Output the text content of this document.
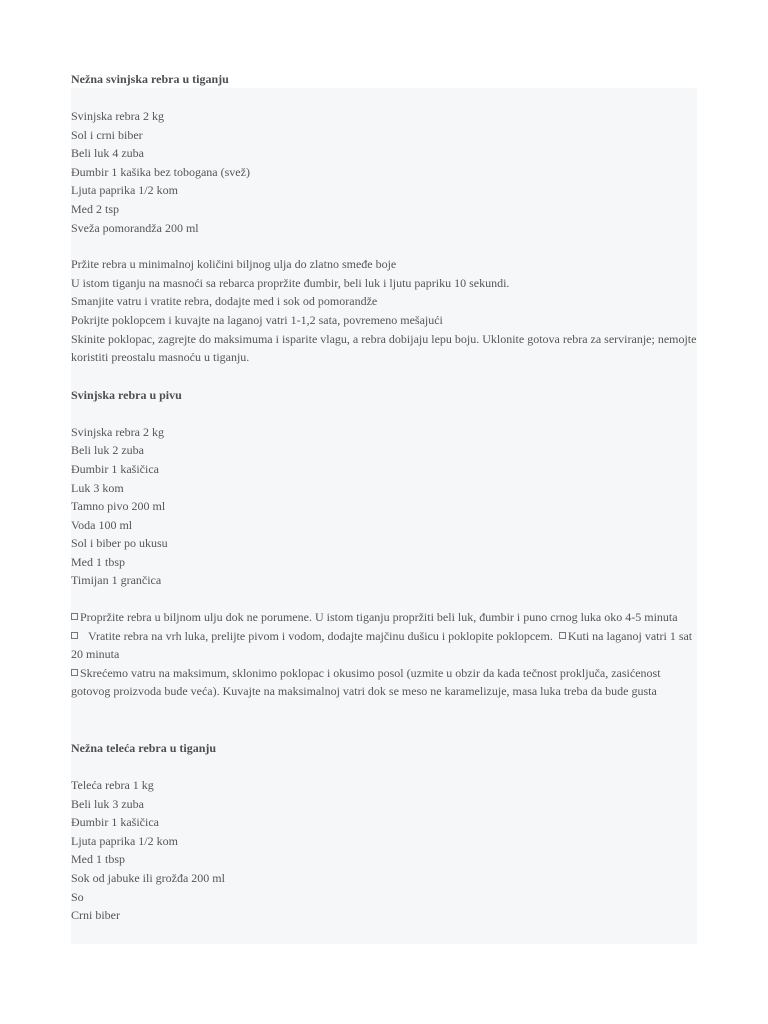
Nežna svinjska rebra u tiganju
Svinjska rebra 2 kg
Sol i crni biber
Beli luk 4 zuba
Đumbir 1 kašika bez tobogana (svež)
Ljuta paprika 1/2 kom
Med 2 tsp
Sveža pomorandža 200 ml
Pržite rebra u minimalnoj količini biljnog ulja do zlatno smeđe boje
U istom tiganju na masnoći sa rebarca propržite đumbir, beli luk i ljutu papriku 10 sekundi.
Smanjite vatru i vratite rebra, dodajte med i sok od pomorandže
Pokrijte poklopcem i kuvajte na laganoj vatri 1-1,2 sata, povremeno mešajući
Skinite poklopac, zagrejte do maksimuma i isparite vlagu, a rebra dobijaju lepu boju. Uklonite gotova rebra za serviranje; nemojte koristiti preostalu masnoću u tiganju.
Svinjska rebra u pivu
Svinjska rebra 2 kg
Beli luk 2 zuba
Đumbir 1 kašičica
Luk 3 kom
Tamno pivo 200 ml
Voda 100 ml
Sol i biber po ukusu
Med 1 tbsp
Timijan 1 grančica
Propržite rebra u biljnom ulju dok ne porumene. U istom tiganju propržiti beli luk, đumbir i puno crnog luka oko 4-5 minuta
Vratite rebra na vrh luka, prelijte pivom i vodom, dodajte majčinu dušicu i poklopite poklopcem. Kuti na laganoj vatri 1 sat 20 minuta
Skrećemo vatru na maksimum, sklonimo poklopac i okusimo posol (uzmite u obzir da kada tečnost proključa, zasićenost gotovog proizvoda bude veća). Kuvajte na maksimalnoj vatri dok se meso ne karamelizuje, masa luka treba da bude gusta
Nežna teleća rebra u tiganju
Teleća rebra 1 kg
Beli luk 3 zuba
Đumbir 1 kašičica
Ljuta paprika 1/2 kom
Med 1 tbsp
Sok od jabuke ili grožđa 200 ml
So
Crni biber
